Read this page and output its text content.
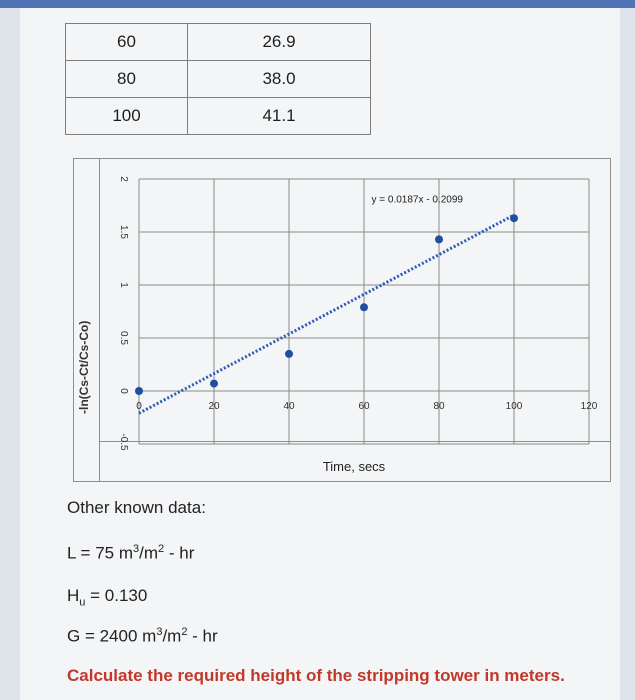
60	26.9
80	38.0
100	41.1
0	20	40	60	80	100	120
-0.5
0
0.5
1
1.5
2
-ln(Cs-Ct/Cs-Co)
Time, secs
y = 0.0187x - 0.2099
Other known data:
L = 75 $m^3/m^2$ - hr
$H_u = 0.130$
G = 2400 $m^3/m^2$ - hr
Calculate the required height of the stripping tower in meters.
